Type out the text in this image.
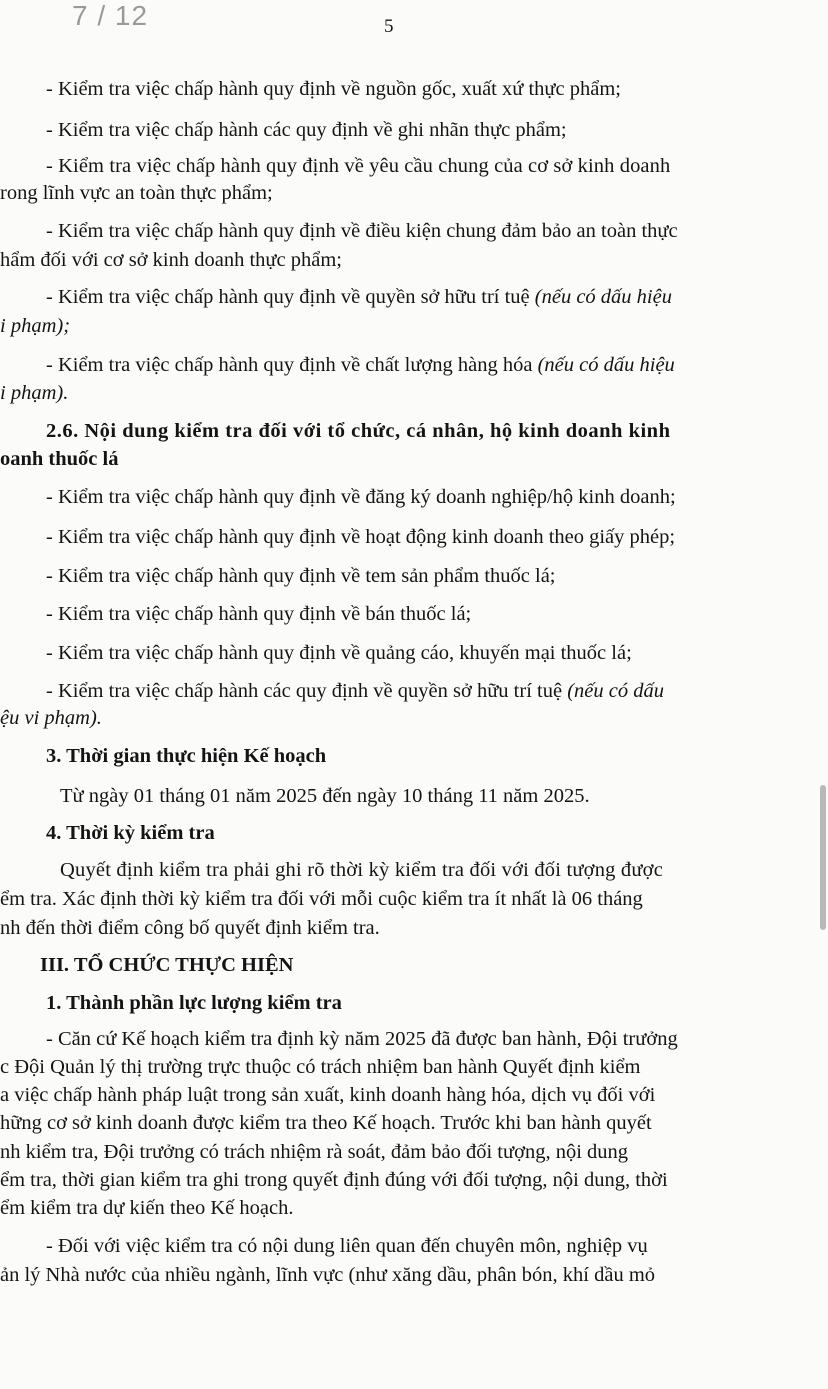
7 / 12	5
- Kiểm tra việc chấp hành quy định về nguồn gốc, xuất xứ thực phẩm;
- Kiểm tra việc chấp hành các quy định về ghi nhãn thực phẩm;
- Kiểm tra việc chấp hành quy định về yêu cầu chung của cơ sở kinh doanh
rong lĩnh vực an toàn thực phẩm;
- Kiểm tra việc chấp hành quy định về điều kiện chung đảm bảo an toàn thực
hẩm đối với cơ sở kinh doanh thực phẩm;
- Kiểm tra việc chấp hành quy định về quyền sở hữu trí tuệ (nếu có dấu hiệu
i phạm);
- Kiểm tra việc chấp hành quy định về chất lượng hàng hóa (nếu có dấu hiệu
i phạm).
2.6. Nội dung kiểm tra đối với tổ chức, cá nhân, hộ kinh doanh kinh
oanh thuốc lá
- Kiểm tra việc chấp hành quy định về đăng ký doanh nghiệp/hộ kinh doanh;
- Kiểm tra việc chấp hành quy định về hoạt động kinh doanh theo giấy phép;
- Kiểm tra việc chấp hành quy định về tem sản phẩm thuốc lá;
- Kiểm tra việc chấp hành quy định về bán thuốc lá;
- Kiểm tra việc chấp hành quy định về quảng cáo, khuyến mại thuốc lá;
- Kiểm tra việc chấp hành các quy định về quyền sở hữu trí tuệ (nếu có dấu
ệu vi phạm).
3. Thời gian thực hiện Kế hoạch
Từ ngày 01 tháng 01 năm 2025 đến ngày 10 tháng 11 năm 2025.
4. Thời kỳ kiểm tra
Quyết định kiểm tra phải ghi rõ thời kỳ kiểm tra đối với đối tượng được
ểm tra. Xác định thời kỳ kiểm tra đối với mỗi cuộc kiểm tra ít nhất là 06 tháng
nh đến thời điểm công bố quyết định kiểm tra.
III. TỔ CHỨC THỰC HIỆN
1. Thành phần lực lượng kiểm tra
- Căn cứ Kế hoạch kiểm tra định kỳ năm 2025 đã được ban hành, Đội trưởng
c Đội Quản lý thị trường trực thuộc có trách nhiệm ban hành Quyết định kiểm
a việc chấp hành pháp luật trong sản xuất, kinh doanh hàng hóa, dịch vụ đối với
hững cơ sở kinh doanh được kiểm tra theo Kế hoạch. Trước khi ban hành quyết
nh kiểm tra, Đội trưởng có trách nhiệm rà soát, đảm bảo đối tượng, nội dung
ểm tra, thời gian kiểm tra ghi trong quyết định đúng với đối tượng, nội dung, thời
ểm kiểm tra dự kiến theo Kế hoạch.
- Đối với việc kiểm tra có nội dung liên quan đến chuyên môn, nghiệp vụ
ản lý Nhà nước của nhiều ngành, lĩnh vực (như xăng dầu, phân bón, khí dầu mỏ
